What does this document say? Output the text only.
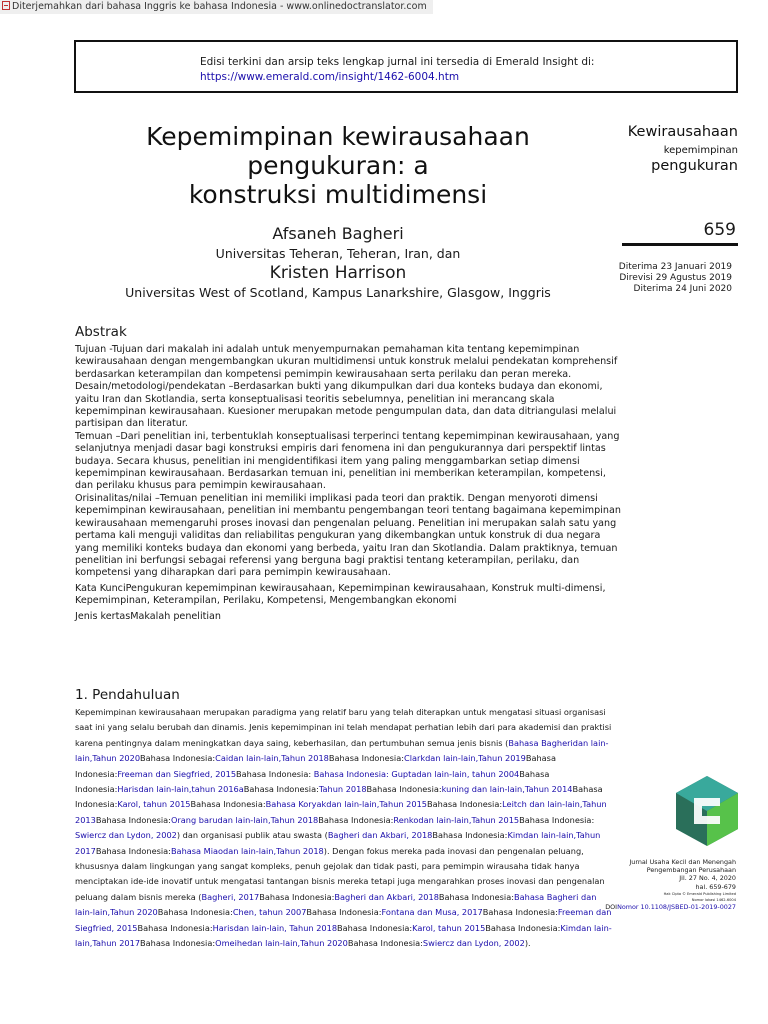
Diterjemahkan dari bahasa Inggris ke bahasa Indonesia - www.onlinedoctranslator.com
Edisi terkini dan arsip teks lengkap jurnal ini tersedia di Emerald Insight di:
https://www.emerald.com/insight/1462-6004.htm
Kepemimpinan kewirausahaan
pengukuran: a
konstruksi multidimensi
Afsaneh Bagheri
Universitas Teheran, Teheran, Iran, dan
Kristen Harrison
Universitas West of Scotland, Kampus Lanarkshire, Glasgow, Inggris
Kewirausahaan
kepemimpinan
pengukuran
659
Diterima 23 Januari 2019
Direvisi 29 Agustus 2019
Diterima 24 Juni 2020
Abstrak

Tujuan -Tujuan dari makalah ini adalah untuk menyempurnakan pemahaman kita tentang kepemimpinan kewirausahaan dengan mengembangkan ukuran multidimensi untuk konstruk melalui pendekatan komprehensif berdasarkan keterampilan dan kompetensi pemimpin kewirausahaan serta perilaku dan peran mereka.

Desain/metodologi/pendekatan –Berdasarkan bukti yang dikumpulkan dari dua konteks budaya dan ekonomi, yaitu Iran dan Skotlandia, serta konseptualisasi teoritis sebelumnya, penelitian ini merancang skala kepemimpinan kewirausahaan. Kuesioner merupakan metode pengumpulan data, dan data ditriangulasi melalui partisipan dan literatur.

Temuan –Dari penelitian ini, terbentuklah konseptualisasi terperinci tentang kepemimpinan kewirausahaan, yang selanjutnya menjadi dasar bagi konstruksi empiris dari fenomena ini dan pengukurannya dari perspektif lintas budaya. Secara khusus, penelitian ini mengidentifikasi item yang paling menggambarkan setiap dimensi kepemimpinan kewirausahaan. Berdasarkan temuan ini, penelitian ini memberikan keterampilan, kompetensi, dan perilaku khusus para pemimpin kewirausahaan.

Orisinalitas/nilai –Temuan penelitian ini memiliki implikasi pada teori dan praktik. Dengan menyoroti dimensi kepemimpinan kewirausahaan, penelitian ini membantu pengembangan teori tentang bagaimana kepemimpinan kewirausahaan memengaruhi proses inovasi dan pengenalan peluang. Penelitian ini merupakan salah satu yang pertama kali menguji validitas dan reliabilitas pengukuran yang dikembangkan untuk konstruk di dua negara yang memiliki konteks budaya dan ekonomi yang berbeda, yaitu Iran dan Skotlandia. Dalam praktiknya, temuan penelitian ini berfungsi sebagai referensi yang berguna bagi praktisi tentang keterampilan, perilaku, dan kompetensi yang diharapkan dari para pemimpin kewirausahaan.

Kata KunciPengukuran kepemimpinan kewirausahaan, Kepemimpinan kewirausahaan, Konstruk multi-dimensi,

Kepemimpinan, Keterampilan, Perilaku, Kompetensi, Mengembangkan ekonomi

Jenis kertasMakalah penelitian

1. Pendahuluan
Kepemimpinan kewirausahaan merupakan paradigma yang relatif baru yang telah diterapkan untuk mengatasi situasi organisasi saat ini yang selalu berubah dan dinamis. Jenis kepemimpinan ini telah mendapat perhatian lebih dari para akademisi dan praktisi karena pentingnya dalam meningkatkan daya saing, keberhasilan, dan pertumbuhan semua jenis bisnis (Bahasa Bagheridan lain-lain,Tahun 2020Bahasa Indonesia:Caidan lain-lain,Tahun 2018Bahasa Indonesia:Clarkdan lain-lain,Tahun 2019Bahasa Indonesia:Freeman dan Siegfried, 2015Bahasa Indonesia: Bahasa Indonesia: Guptadan lain-lain, tahun 2004Bahasa Indonesia:Harisdan lain-lain,tahun 2016aBahasa Indonesia:Tahun 2018Bahasa Indonesia:kuning dan lain-lain,Tahun 2014Bahasa Indonesia:Karol, tahun 2015Bahasa Indonesia:Bahasa Koryakdan lain-lain,Tahun 2015Bahasa Indonesia:Leitch dan lain-lain,Tahun 2013Bahasa Indonesia:Orang barudan lain-lain,Tahun 2018Bahasa Indonesia:Renkodan lain-lain,Tahun 2015Bahasa Indonesia: Swiercz dan Lydon, 2002) dan organisasi publik atau swasta (Bagheri dan Akbari, 2018Bahasa Indonesia:Kimdan lain-lain,Tahun 2017Bahasa Indonesia:Bahasa Miaodan lain-lain,Tahun 2018). Dengan fokus mereka pada inovasi dan pengenalan peluang, khususnya dalam lingkungan yang sangat kompleks, penuh gejolak dan tidak pasti, para pemimpin wirausaha tidak hanya menciptakan ide-ide inovatif untuk mengatasi tantangan bisnis mereka tetapi juga mengarahkan proses inovasi dan pengenalan peluang dalam bisnis mereka (Bagheri, 2017Bahasa Indonesia:Bagheri dan Akbari, 2018Bahasa Indonesia:Bahasa Bagheri dan lain-lain,Tahun 2020Bahasa Indonesia:Chen, tahun 2007Bahasa Indonesia:Fontana dan Musa, 2017Bahasa Indonesia:Freeman dan Siegfried, 2015Bahasa Indonesia:Harisdan lain-lain, Tahun 2018Bahasa Indonesia:Karol, tahun 2015Bahasa Indonesia:Kimdan lain-lain,Tahun 2017Bahasa Indonesia:Omeihedan lain-lain,Tahun 2020Bahasa Indonesia:Swiercz dan Lydon, 2002).
Jurnal Usaha Kecil dan Menengah
Pengembangan Perusahaan
Jil. 27 No. 4, 2020
hal. 659-679
Hak Cipta © Emerald Publishing Limited
Nomor lokasi 1462-6004
DOINomor 10.1108/JSBED-01-2019-0027
